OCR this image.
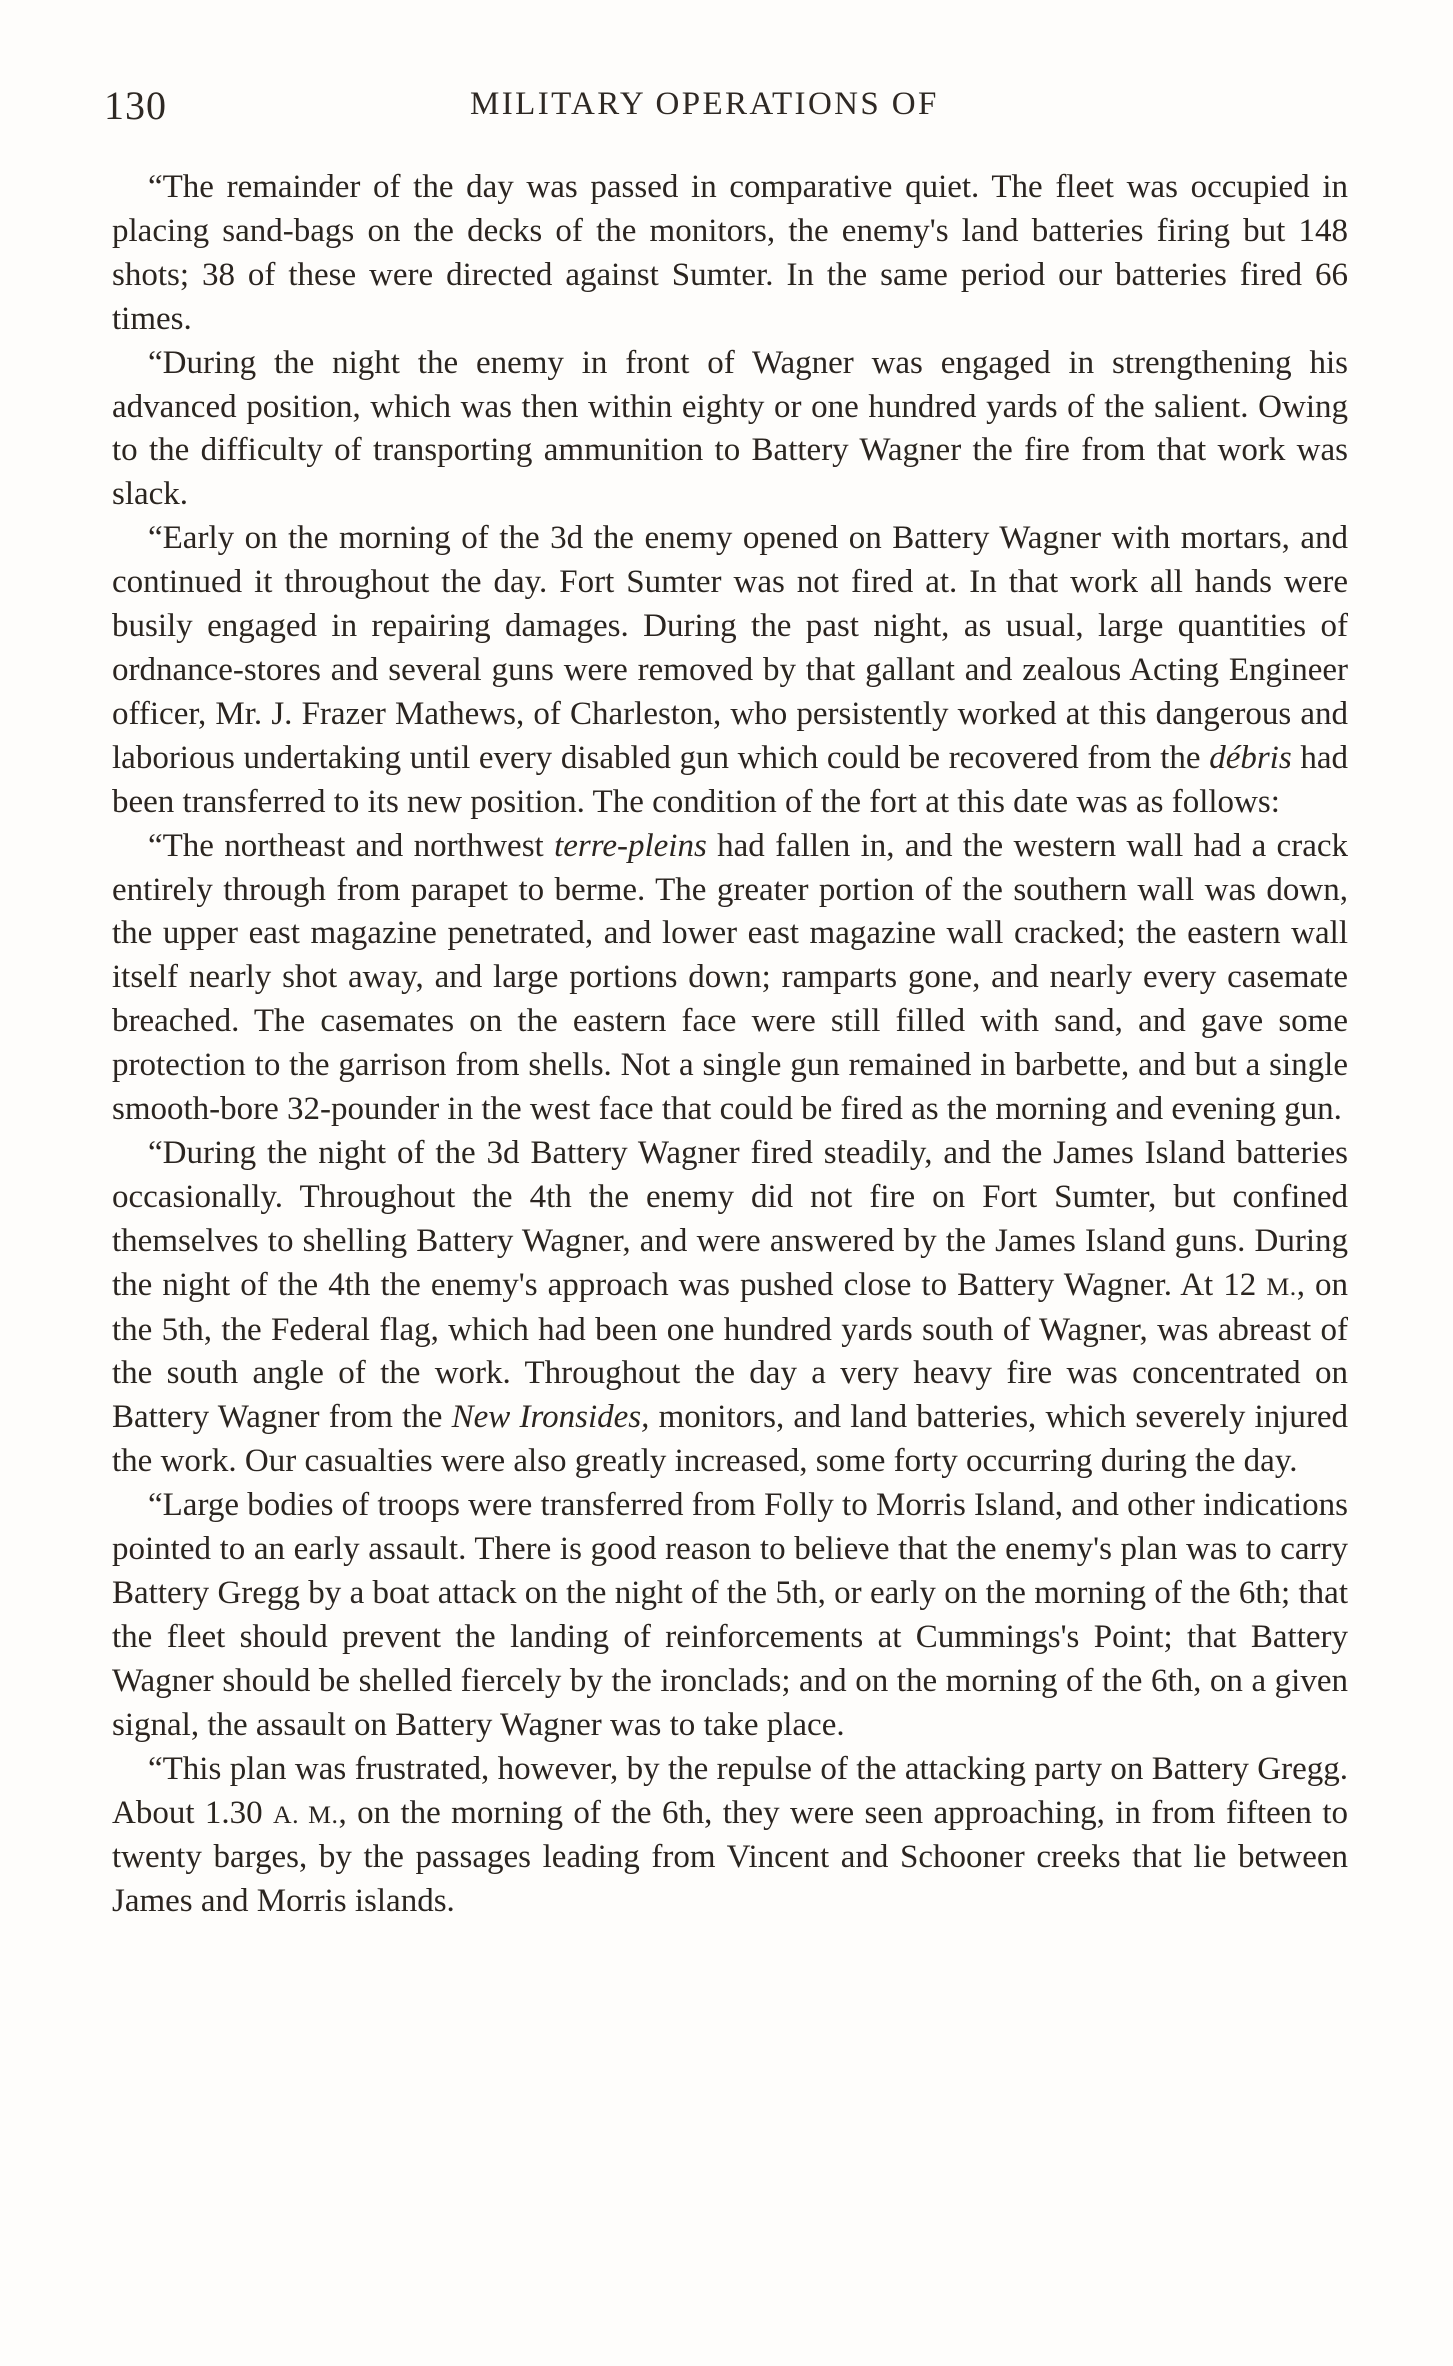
130	MILITARY OPERATIONS OF

“The remainder of the day was passed in comparative quiet. The fleet was occupied in placing sand-bags on the decks of the monitors, the enemy's land batteries firing but 148 shots; 38 of these were directed against Sumter. In the same period our batteries fired 66 times.

“During the night the enemy in front of Wagner was engaged in strengthening his advanced position, which was then within eighty or one hundred yards of the salient. Owing to the difficulty of transporting ammunition to Battery Wagner the fire from that work was slack.

“Early on the morning of the 3d the enemy opened on Battery Wagner with mortars, and continued it throughout the day. Fort Sumter was not fired at. In that work all hands were busily engaged in repairing damages. During the past night, as usual, large quantities of ordnance-stores and several guns were removed by that gallant and zealous Acting Engineer officer, Mr. J. Frazer Mathews, of Charleston, who persistently worked at this dangerous and laborious undertaking until every disabled gun which could be recovered from the débris had been transferred to its new position. The condition of the fort at this date was as follows:

“The northeast and northwest terre-pleins had fallen in, and the western wall had a crack entirely through from parapet to berme. The greater portion of the southern wall was down, the upper east magazine penetrated, and lower east magazine wall cracked; the eastern wall itself nearly shot away, and large portions down; ramparts gone, and nearly every casemate breached. The casemates on the eastern face were still filled with sand, and gave some protection to the garrison from shells. Not a single gun remained in barbette, and but a single smooth-bore 32-pounder in the west face that could be fired as the morning and evening gun.

“During the night of the 3d Battery Wagner fired steadily, and the James Island batteries occasionally. Throughout the 4th the enemy did not fire on Fort Sumter, but confined themselves to shelling Battery Wagner, and were answered by the James Island guns. During the night of the 4th the enemy's approach was pushed close to Battery Wagner. At 12 M., on the 5th, the Federal flag, which had been one hundred yards south of Wagner, was abreast of the south angle of the work. Throughout the day a very heavy fire was concentrated on Battery Wagner from the New Ironsides, monitors, and land batteries, which severely injured the work. Our casualties were also greatly increased, some forty occurring during the day.

“Large bodies of troops were transferred from Folly to Morris Island, and other indications pointed to an early assault. There is good reason to believe that the enemy's plan was to carry Battery Gregg by a boat attack on the night of the 5th, or early on the morning of the 6th; that the fleet should prevent the landing of reinforcements at Cummings's Point; that Battery Wagner should be shelled fiercely by the ironclads; and on the morning of the 6th, on a given signal, the assault on Battery Wagner was to take place.

“This plan was frustrated, however, by the repulse of the attacking party on Battery Gregg. About 1.30 A. M., on the morning of the 6th, they were seen approaching, in from fifteen to twenty barges, by the passages leading from Vincent and Schooner creeks that lie between James and Morris islands.
